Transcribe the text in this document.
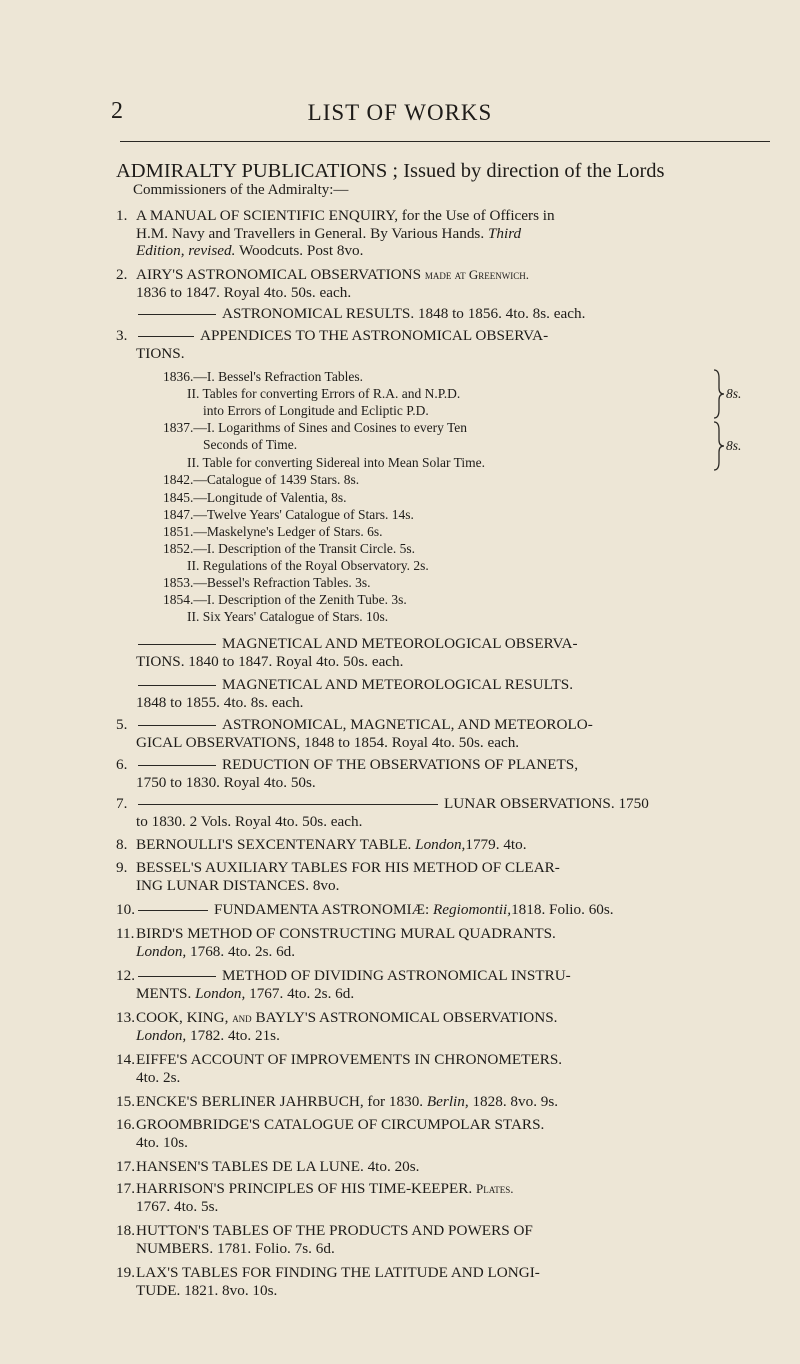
2	LIST OF WORKS
ADMIRALTY PUBLICATIONS ; Issued by direction of the Lords
Commissioners of the Admiralty:—
1. A MANUAL OF SCIENTIFIC ENQUIRY, for the Use of Officers in
H.M. Navy and Travellers in General. By Various Hands. Third
Edition, revised. Woodcuts. Post 8vo.
2. AIRY'S ASTRONOMICAL OBSERVATIONS made at Greenwich.
1836 to 1847. Royal 4to. 50s. each.
ASTRONOMICAL RESULTS. 1848 to 1856. 4to. 8s. each.
3.	APPENDICES TO THE ASTRONOMICAL OBSERVA-
TIONS.
1836.—I. Bessel's Refraction Tables.
II. Tables for converting Errors of R.A. and N.P.D.
into Errors of Longitude and Ecliptic P.D.
1837.—I. Logarithms of Sines and Cosines to every Ten
Seconds of Time.
II. Table for converting Sidereal into Mean Solar Time.
1842.—Catalogue of 1439 Stars. 8s.
1845.—Longitude of Valentia, 8s.
1847.—Twelve Years' Catalogue of Stars. 14s.
1851.—Maskelyne's Ledger of Stars. 6s.
1852.—I. Description of the Transit Circle. 5s.
II. Regulations of the Royal Observatory. 2s.
1853.—Bessel's Refraction Tables. 3s.
1854.—I. Description of the Zenith Tube. 3s.
II. Six Years' Catalogue of Stars. 10s.
8s.
8s.
MAGNETICAL AND METEOROLOGICAL OBSERVA-
TIONS. 1840 to 1847. Royal 4to. 50s. each.
MAGNETICAL AND METEOROLOGICAL RESULTS.
1848 to 1855. 4to. 8s. each.
5.	ASTRONOMICAL, MAGNETICAL, AND METEOROLO-
GICAL OBSERVATIONS, 1848 to 1854. Royal 4to. 50s. each.
6.	REDUCTION OF THE OBSERVATIONS OF PLANETS,
1750 to 1830. Royal 4to. 50s.
7.	LUNAR OBSERVATIONS. 1750
to 1830. 2 Vols. Royal 4to. 50s. each.
8. BERNOULLI'S SEXCENTENARY TABLE. London,1779. 4to.
9. BESSEL'S AUXILIARY TABLES FOR HIS METHOD OF CLEAR-
ING LUNAR DISTANCES. 8vo.
10.	FUNDAMENTA ASTRONOMIÆ: Regiomontii,1818. Folio. 60s.
11. BIRD'S METHOD OF CONSTRUCTING MURAL QUADRANTS.
London, 1768. 4to. 2s. 6d.
12.	METHOD OF DIVIDING ASTRONOMICAL INSTRU-
MENTS. London, 1767. 4to. 2s. 6d.
13. COOK, KING, and BAYLY'S ASTRONOMICAL OBSERVATIONS.
London, 1782. 4to. 21s.
14. EIFFE'S ACCOUNT OF IMPROVEMENTS IN CHRONOMETERS.
4to. 2s.
15. ENCKE'S BERLINER JAHRBUCH, for 1830. Berlin, 1828. 8vo. 9s.
16. GROOMBRIDGE'S CATALOGUE OF CIRCUMPOLAR STARS.
4to. 10s.
17. HANSEN'S TABLES DE LA LUNE. 4to. 20s.
17. HARRISON'S PRINCIPLES OF HIS TIME-KEEPER. Plates.
1767. 4to. 5s.
18. HUTTON'S TABLES OF THE PRODUCTS AND POWERS OF
NUMBERS. 1781. Folio. 7s. 6d.
19. LAX'S TABLES FOR FINDING THE LATITUDE AND LONGI-
TUDE. 1821. 8vo. 10s.
